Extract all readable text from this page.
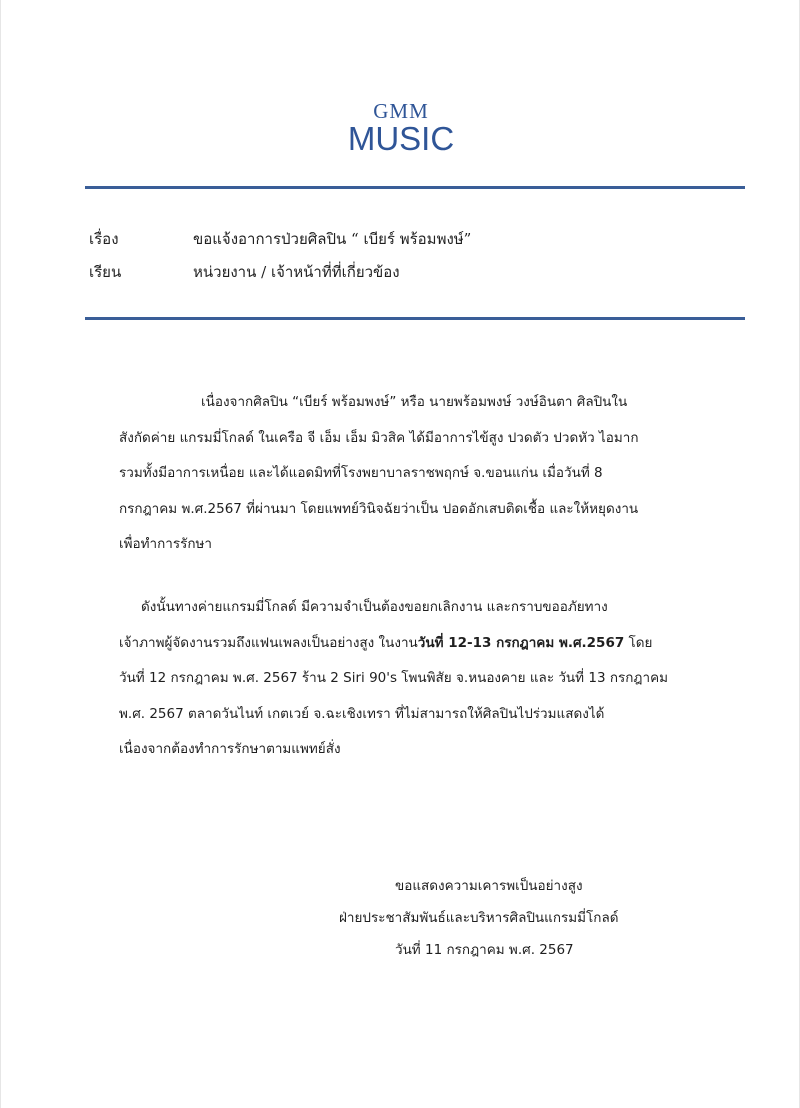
GMM
MUSIC
เรื่อง	ขอแจ้งอาการป่วยศิลปิน “ เบียร์ พร้อมพงษ์”
เรียน	หน่วยงาน / เจ้าหน้าที่ที่เกี่ยวข้อง
เนื่องจากศิลปิน “เบียร์ พร้อมพงษ์” หรือ นายพร้อมพงษ์ วงษ์อินตา ศิลปินใน
สังกัดค่าย แกรมมี่โกลด์ ในเครือ จี เอ็ม เอ็ม มิวสิค ได้มีอาการไข้สูง ปวดตัว ปวดหัว ไอมาก
รวมทั้งมีอาการเหนื่อย และได้แอดมิทที่โรงพยาบาลราชพฤกษ์ จ.ขอนแก่น เมื่อวันที่ 8
กรกฎาคม พ.ศ.2567 ที่ผ่านมา โดยแพทย์วินิจฉัยว่าเป็น ปอดอักเสบติดเชื้อ และให้หยุดงาน
เพื่อทำการรักษา
ดังนั้นทางค่ายแกรมมี่โกลด์ มีความจำเป็นต้องขอยกเลิกงาน และกราบขออภัยทาง
เจ้าภาพผู้จัดงานรวมถึงแฟนเพลงเป็นอย่างสูง ในงานวันที่ 12-13 กรกฎาคม พ.ศ.2567 โดย
วันที่ 12 กรกฎาคม พ.ศ. 2567 ร้าน 2 Siri 90's โพนพิสัย จ.หนองคาย และ วันที่ 13 กรกฎาคม
พ.ศ. 2567 ตลาดวันไนท์ เกตเวย์ จ.ฉะเชิงเทรา ที่ไม่สามารถให้ศิลปินไปร่วมแสดงได้
เนื่องจากต้องทำการรักษาตามแพทย์สั่ง
ขอแสดงความเคารพเป็นอย่างสูง
ฝ่ายประชาสัมพันธ์และบริหารศิลปินแกรมมี่โกลด์
วันที่ 11 กรกฎาคม พ.ศ. 2567
